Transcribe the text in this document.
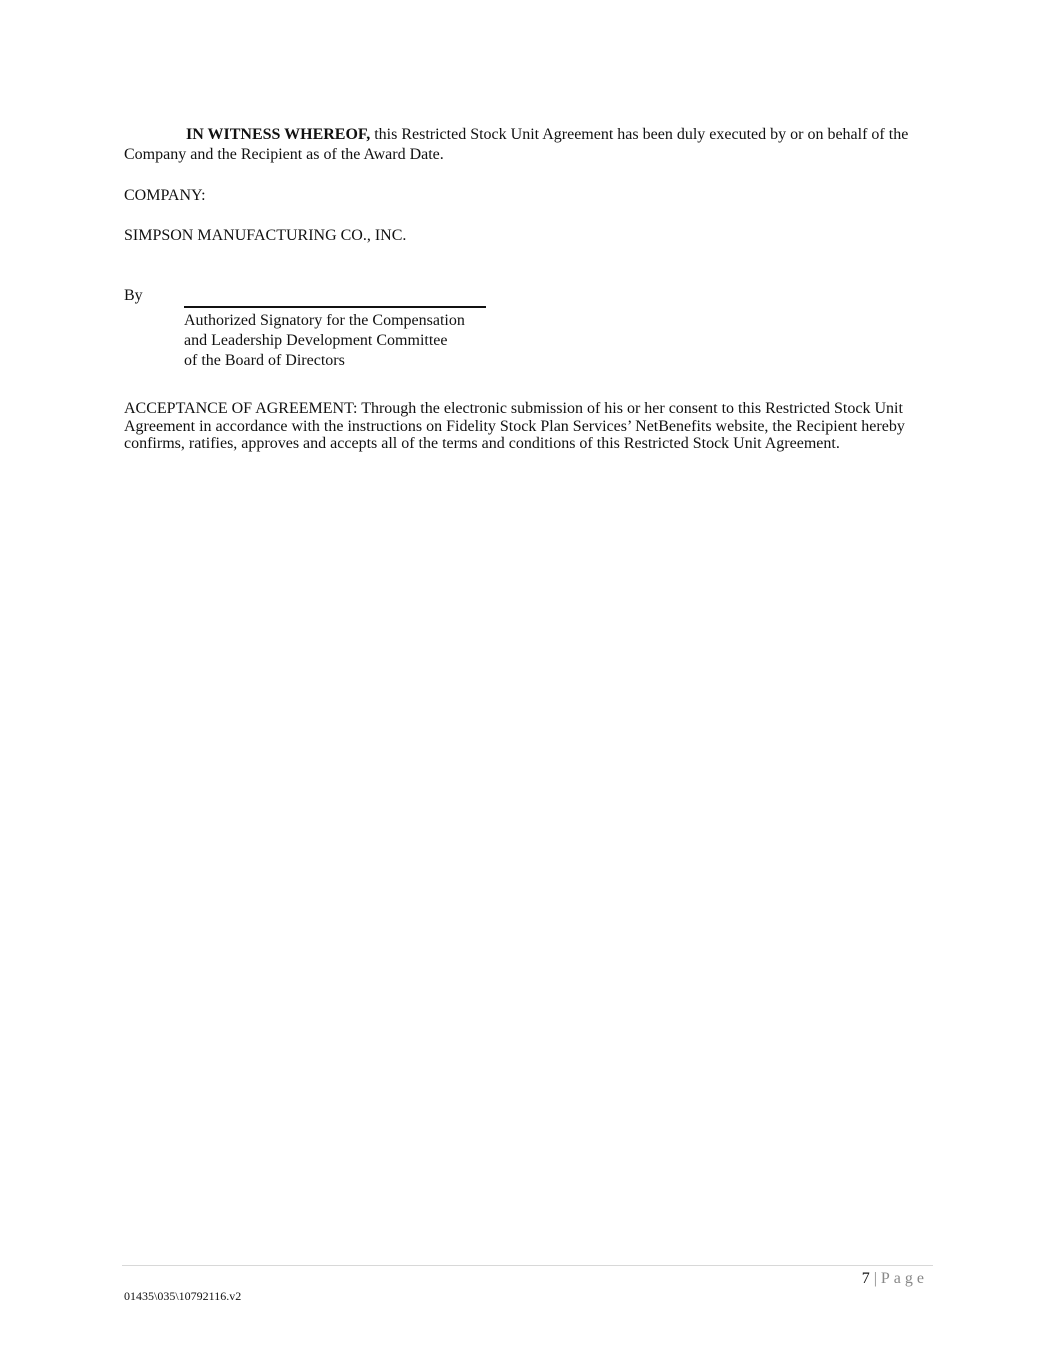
IN WITNESS WHEREOF, this Restricted Stock Unit Agreement has been duly executed by or on behalf of the Company and the Recipient as of the Award Date.
COMPANY:
SIMPSON MANUFACTURING CO., INC.
By
Authorized Signatory for the Compensation
and Leadership Development Committee
of the Board of Directors
ACCEPTANCE OF AGREEMENT: Through the electronic submission of his or her consent to this Restricted Stock Unit Agreement in accordance with the instructions on Fidelity Stock Plan Services’ NetBenefits website, the Recipient hereby confirms, ratifies, approves and accepts all of the terms and conditions of this Restricted Stock Unit Agreement.
7 | Page
01435\035\10792116.v2
